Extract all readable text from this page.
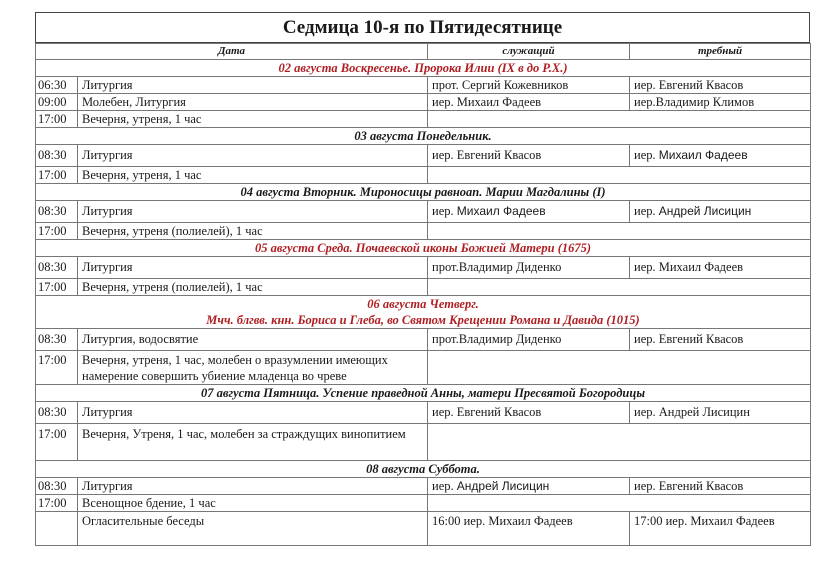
Седмица 10-я по Пятидесятнице
Дата		служащий	требный
02 августа Воскресенье. Пророка Илии (IX в до Р.Х.)			
06:30	Литургия	прот. Сергий Кожевников	иер. Евгений Квасов
09:00	Молебен, Литургия	иер. Михаил Фадеев	иер.Владимир Климов
17:00	Вечерня, утреня, 1 час		
03 августа Понедельник.			
08:30	Литургия	иер. Евгений Квасов	иер. Михаил Фадеев
17:00	Вечерня, утреня, 1 час		
04 августа Вторник. Мироносицы равноап. Марии Магдалины (I)			
08:30	Литургия	иер. Михаил Фадеев	иер. Андрей Лисицин
17:00	Вечерня, утреня (полиелей), 1 час		
05 августа Среда. Почаевской иконы Божией Матери (1675)			
08:30	Литургия	прот.Владимир Диденко	иер. Михаил Фадеев
17:00	Вечерня, утреня (полиелей), 1 час		

06 августа Четверг.
Мчч. блгвв. кнн. Бориса и Глеба, во Святом Крещении Романа и Давида (1015)			

08:30	Литургия, водосвятие	прот.Владимир Диденко	иер. Евгений Квасов
17:00	Вечерня, утреня, 1 час, молебен о вразумлении имеющих намерение совершить убиение младенца во чреве		
07 августа Пятница. Успение праведной Анны, матери Пресвятой Богородицы			
08:30	Литургия	иер. Евгений Квасов	иер. Андрей Лисицин
17:00	Вечерня, Утреня, 1 час, молебен за страждущих винопитием		
08 августа Суббота.			
08:30	Литургия	иер. Андрей Лисицин	иер. Евгений Квасов
17:00	Всенощное бдение, 1 час		
	Огласительные беседы	16:00 иер. Михаил Фадеев	17:00 иер. Михаил Фадеев
